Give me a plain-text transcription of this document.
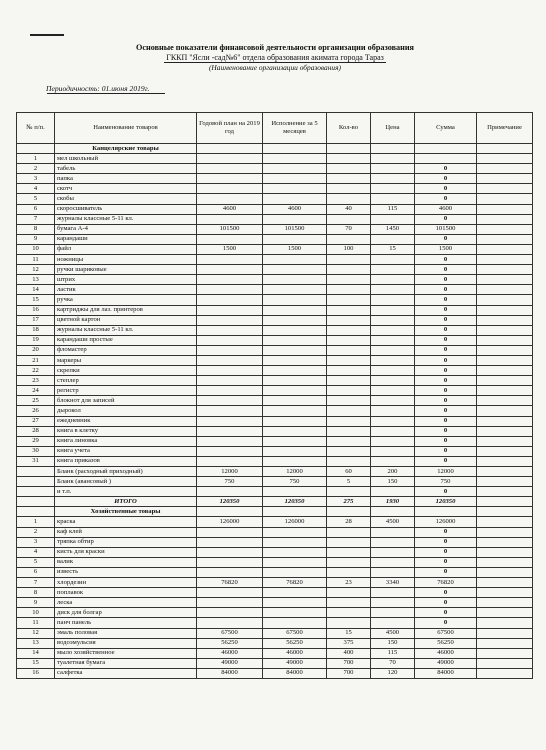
Основные показатели финансовой деятельности организации образования
ГККП "Ясли -сад№6" отдела образования акимата города Тараз
(Наименование организации образования)
Периодичность: 01.июня 2019г.
№ п/п.	Наименование товаров	Годовой план на 2019 год	Исполнение за 5 месяцев	Кол-во	Цена	Сумма	Примечание
	Канцелярские товары						
1	мел школьный						
2	табель					0	
3	папка					0	
4	скотч					0	
5	скобы					0	
6	скоросшиватель	4600	4600	40	115	4600	
7	журналы классные 5-11 кл.					0	
8	бумага А-4	101500	101500	70	1450	101500	
9	карандаши					0	
10	файл	1500	1500	100	15	1500	
11	ножницы					0	
12	ручки шариковые					0	
13	штрих					0	
14	ластик					0	
15	ручка					0	
16	картриджы для лаз. принтеров					0	
17	цветной картон					0	
18	журналы классные 5-11 кл.					0	
19	карандаши простые					0	
20	фломастер					0	
21	маркеры					0	
22	скрепки					0	
23	степлер					0	
24	регистр					0	
25	блокнот для записей					0	
26	дырокол					0	
27	ежедневник					0	
28	книга в клетку					0	
29	книга линовка					0	
30	книга учета					0	
31	книга приказов					0	
	Бланк (расходный приходный)	12000	12000	60	200	12000	
	Бланк (авансовый )	750	750	5	150	750	
	и т.п.					0	
	ИТОГО	120350	120350	275	1930	120350	
	Хозяйственные товары						
1	краска	126000	126000	28	4500	126000	
2	каф клей					0	
3	тряпка обтир					0	
4	кисть для краски					0	
5	валик					0	
6	известь					0	
7	хлордезин	76820	76820	23	3340	76820	
8	поплавок					0	
9	леска					0	
10	диск для болгар					0	
11	панч панель					0	
12	эмаль половая	67500	67500	15	4500	67500	
13	водоэмульсия	56250	56250	375	150	56250	
14	мыло хозяйственное	46000	46000	400	115	46000	
15	туалетная бумага	49000	49000	700	70	49000	
16	салфетка	84000	84000	700	120	84000	
